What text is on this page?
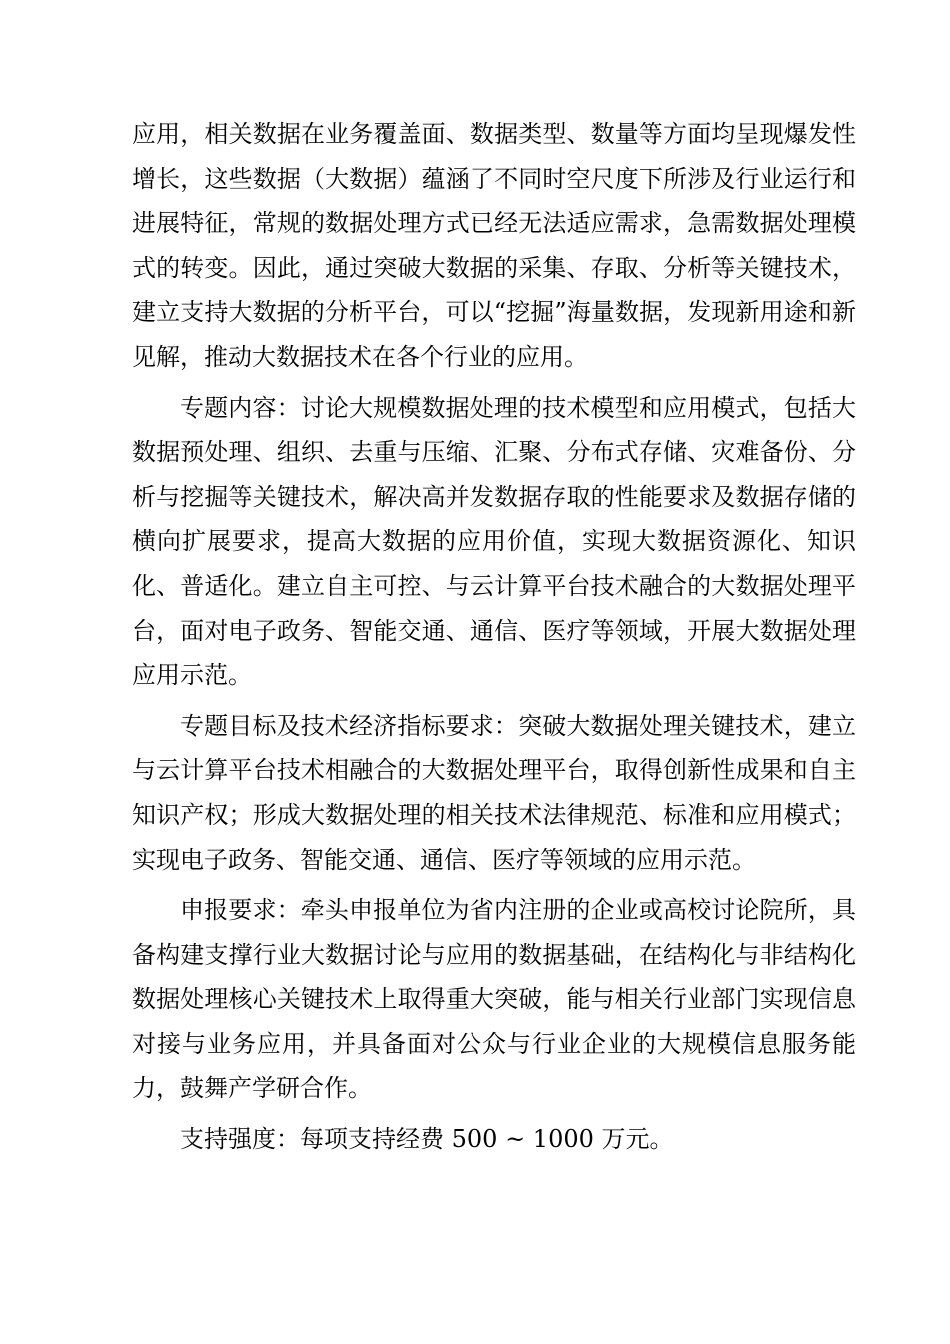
应用，相关数据在业务覆盖面、数据类型、数量等方面均呈现爆发性增长，这些数据（大数据）蕴涵了不同时空尺度下所涉及行业运行和进展特征，常规的数据处理方式已经无法适应需求，急需数据处理模式的转变。因此，通过突破大数据的采集、存取、分析等关键技术，建立支持大数据的分析平台，可以“挖掘”海量数据，发现新用途和新见解，推动大数据技术在各个行业的应用。

专题内容：讨论大规模数据处理的技术模型和应用模式，包括大数据预处理、组织、去重与压缩、汇聚、分布式存储、灾难备份、分析与挖掘等关键技术，解决高并发数据存取的性能要求及数据存储的横向扩展要求，提高大数据的应用价值，实现大数据资源化、知识化、普适化。建立自主可控、与云计算平台技术融合的大数据处理平台，面对电子政务、智能交通、通信、医疗等领域，开展大数据处理应用示范。

专题目标及技术经济指标要求：突破大数据处理关键技术，建立与云计算平台技术相融合的大数据处理平台，取得创新性成果和自主知识产权；形成大数据处理的相关技术法律规范、标准和应用模式；实现电子政务、智能交通、通信、医疗等领域的应用示范。

申报要求：牵头申报单位为省内注册的企业或高校讨论院所，具备构建支撑行业大数据讨论与应用的数据基础，在结构化与非结构化数据处理核心关键技术上取得重大突破，能与相关行业部门实现信息对接与业务应用，并具备面对公众与行业企业的大规模信息服务能力，鼓舞产学研合作。

支持强度：每项支持经费 500 ~ 1000 万元。
